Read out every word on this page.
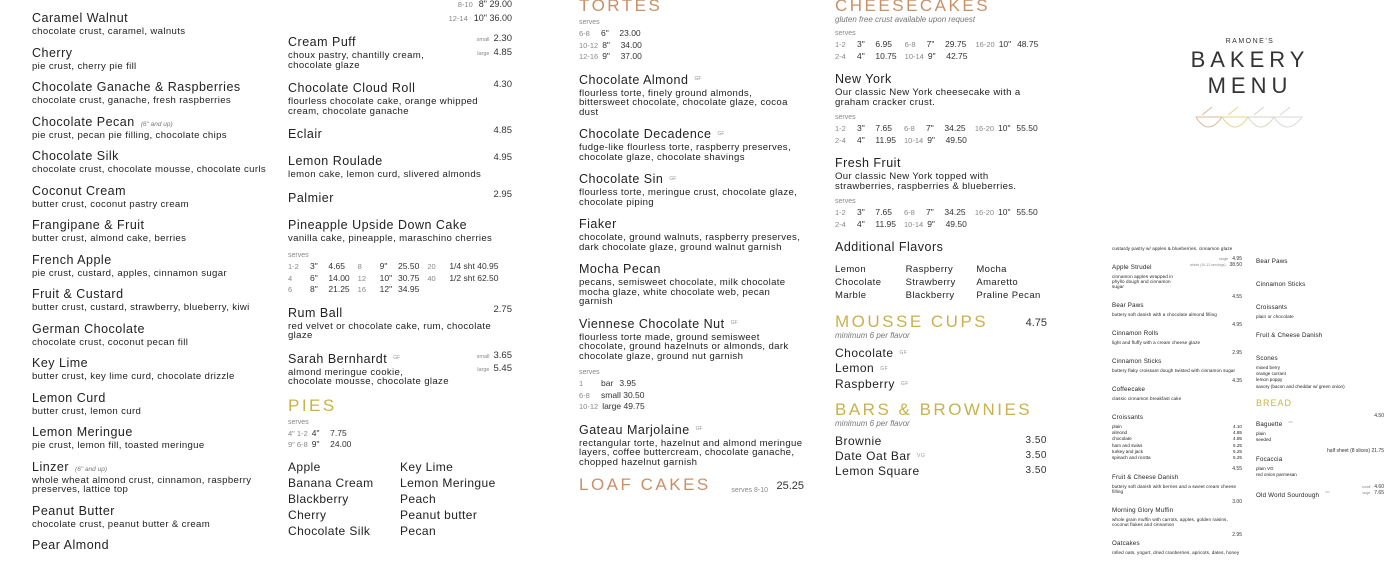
Caramel Walnut
chocolate crust, caramel, walnuts
Cherry
pie crust, cherry pie fill
Chocolate Ganache & Raspberries
chocolate crust, ganache, fresh raspberries
Chocolate Pecan (6" and up)
pie crust, pecan pie filling, chocolate chips
Chocolate Silk
chocolate crust, chocolate mousse, chocolate curls
Coconut Cream
butter crust, coconut pastry cream
Frangipane & Fruit
butter crust, almond cake, berries
French Apple
pie crust, custard, apples, cinnamon sugar
Fruit & Custard
butter crust, custard, strawberry, blueberry, kiwi
German Chocolate
chocolate crust, coconut pecan fill
Key Lime
butter crust, key lime curd, chocolate drizzle
Lemon Curd
butter crust, lemon curd
Lemon Meringue
pie crust, lemon fill, toasted meringue
Linzer (6" and up)
whole wheat almond crust, cinnamon, raspberry preserves, lattice top
Peanut Butter
chocolate crust, peanut butter & cream
Pear Almond
8-10 8" 29.00
12-14 10" 36.00
Cream Puff
choux pastry, chantilly cream, chocolate glaze
small 2.30
large 4.85
Chocolate Cloud Roll
flourless chocolate cake, orange whipped cream, chocolate ganache
4.30
Eclair	4.85
Lemon Roulade
lemon cake, lemon curd, slivered almonds
4.95
Palmier	2.95
Pineapple Upside Down Cake
vanilla cake, pineapple, maraschino cherries
serves
1-2 3" 4.65
4 6" 14.00
6 8" 21.25
8 9" 25.50
12 10" 30.75
16 12" 34.95
20 1/4 sht 40.95
40 1/2 sht 62.50
Rum Ball
red velvet or chocolate cake, rum, chocolate glaze
2.75
Sarah Bernhardt GF
almond meringue cookie, chocolate mousse, chocolate glaze
small 3.65
large 5.45
PIES
serves
4" 1-2 4" 7.75
9" 6-8 9" 24.00
Apple
Banana Cream
Blackberry
Cherry
Chocolate Silk
Key Lime
Lemon Meringue
Peach
Peanut butter
Pecan
TORTES
serves
6-8 6" 23.00
10-12 8" 34.00
12-16 9" 37.00
Chocolate Almond GF
flourless torte, finely ground almonds, bittersweet chocolate, chocolate glaze, cocoa dust
Chocolate Decadence GF
fudge-like flourless torte, raspberry preserves, chocolate glaze, chocolate shavings
Chocolate Sin GF
flourless torte, meringue crust, chocolate glaze, chocolate piping
Fiaker
chocolate, ground walnuts, raspberry preserves, dark chocolate glaze, ground walnut garnish
Mocha Pecan
pecans, semisweet chocolate, milk chocolate mocha glaze, white chocolate web, pecan garnish
Viennese Chocolate Nut GF
flourless torte made, ground semisweet chocolate, ground hazelnuts or almonds, dark chocolate glaze, ground nut garnish
serves
1 bar 3.95
6-8 small 30.50
10-12 large 49.75
Gateau Marjolaine GF
rectangular torte, hazelnut and almond meringue layers, coffee buttercream, chocolate ganache, chopped hazelnut garnish
LOAF CAKES	serves 8-10 25.25
CHEESECAKES
gluten free crust available upon request
serves
1-2 3" 6.95
2-4 4" 10.75
6-8 7" 29.75
10-14 9" 42.75
16-20 10" 48.75
New York
Our classic New York cheesecake with a graham cracker crust.
serves
1-2 3" 7.65
2-4 4" 11.95
6-8 7" 34.25
10-14 9" 49.50
16-20 10" 55.50
Fresh Fruit
Our classic New York topped with strawberries, raspberries & blueberries.
serves
1-2 3" 7.65
2-4 4" 11.95
6-8 7" 34.25
10-14 9" 49.50
16-20 10" 55.50
Additional Flavors
Lemon
Chocolate
Marble
Raspberry
Strawberry
Blackberry
Mocha
Amaretto
Praline Pecan
MOUSSE CUPS	4.75
minimum 6 per flavor
Chocolate GF
Lemon GF
Raspberry GF
BARS & BROWNIES
minimum 6 per flavor
Brownie	3.50
Date Oat Bar VG	3.50
Lemon Square	3.50
RAMONE'S
BAKERY MENU
custardy pastry w/ apples & blueberries, cinnamon glaze
Apple Strudel
cinnamon apples wrapped in phyllo dough and cinnamon sugar
single 4.95
whole (10-12 servings) 38.50
Bear Paws
buttery soft danish with a chocolate almond filling
4.55
Cinnamon Rolls
light and fluffy with a cream cheese glaze
4.95
Cinnamon Sticks
buttery flaky croissant dough twisted with cinnamon sugar
2.95
Coffeecake
classic cinnamon breakfast cake
4.35
Croissants
plain	4.10
almond	4.85
chocolate	4.85
ham and swiss	5.25
turkey and jack	5.25
spinach and ricotta	5.25
Fruit & Cheese Danish
buttery soft danish with berries and a sweet cream cheese filling
4.55
Morning Glory Muffin
whole grain muffin with carrots, apples, golden raisins, coconut flakes and cinnamon
3.00
Oatcakes
rolled oats, yogurt, dried cranberries, apricots, dates, honey
2.95
Bear Paws
Cinnamon Sticks
Croissants
plain or chocolate
Fruit & Cheese Danish
Scones
mixed berry
orange currant
lemon poppy
savory (bacon and cheddar w/ green onion)
BREAD
Baguette VG
4.50
plain
seeded
Focaccia
half sheet (8 slices) 21.75
plain VG
red onion parmesan
Old World Sourdough VG
small 4.60
large 7.65
